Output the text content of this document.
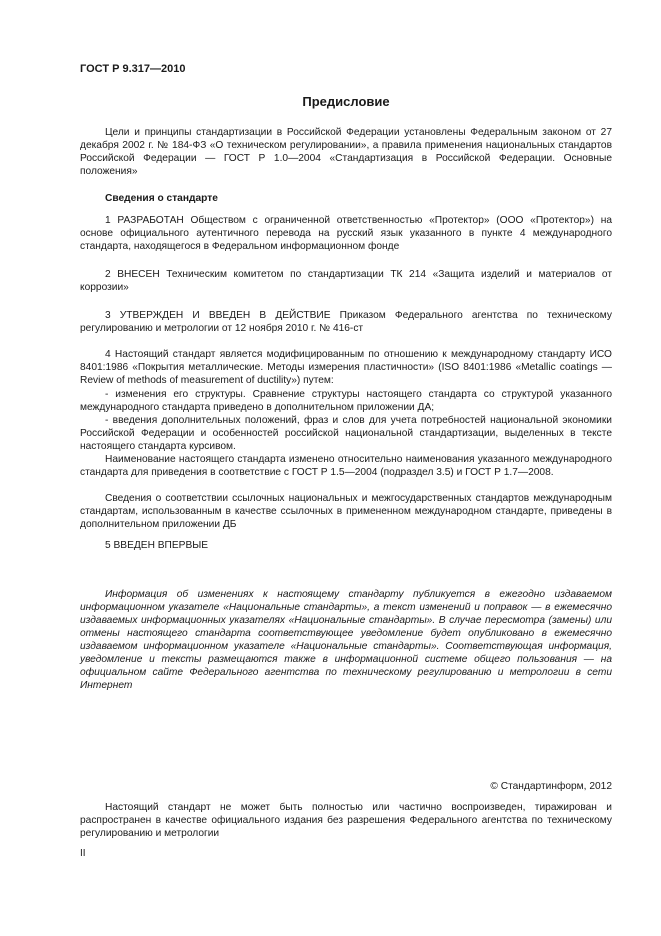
ГОСТ Р 9.317—2010
Предисловие
Цели и принципы стандартизации в Российской Федерации установлены Федеральным законом от 27 декабря 2002 г. № 184-ФЗ «О техническом регулировании», а правила применения национальных стандартов Российской Федерации — ГОСТ Р 1.0—2004 «Стандартизация в Российской Федерации. Основные положения»
Сведения о стандарте
1 РАЗРАБОТАН Обществом с ограниченной ответственностью «Протектор» (ООО «Протектор») на основе официального аутентичного перевода на русский язык указанного в пункте 4 международного стандарта, находящегося в Федеральном информационном фонде
2 ВНЕСЕН Техническим комитетом по стандартизации ТК 214 «Защита изделий и материалов от коррозии»
3 УТВЕРЖДЕН И ВВЕДЕН В ДЕЙСТВИЕ Приказом Федерального агентства по техническому регулированию и метрологии от 12 ноября 2010 г. № 416-ст
4 Настоящий стандарт является модифицированным по отношению к международному стандарту ИСО 8401:1986 «Покрытия металлические. Методы измерения пластичности» (ISO 8401:1986 «Metallic coatings — Review of methods of measurement of ductility») путем:
- изменения его структуры. Сравнение структуры настоящего стандарта со структурой указанного международного стандарта приведено в дополнительном приложении ДА;
- введения дополнительных положений, фраз и слов для учета потребностей национальной экономики Российской Федерации и особенностей российской национальной стандартизации, выделенных в тексте настоящего стандарта курсивом.
Наименование настоящего стандарта изменено относительно наименования указанного международного стандарта для приведения в соответствие с ГОСТ Р 1.5—2004 (подраздел 3.5) и ГОСТ Р 1.7—2008.
Сведения о соответствии ссылочных национальных и межгосударственных стандартов международным стандартам, использованным в качестве ссылочных в примененном международном стандарте, приведены в дополнительном приложении ДБ
5 ВВЕДЕН ВПЕРВЫЕ
Информация об изменениях к настоящему стандарту публикуется в ежегодно издаваемом информационном указателе «Национальные стандарты», а текст изменений и поправок — в ежемесячно издаваемых информационных указателях «Национальные стандарты». В случае пересмотра (замены) или отмены настоящего стандарта соответствующее уведомление будет опубликовано в ежемесячно издаваемом информационном указателе «Национальные стандарты». Соответствующая информация, уведомление и тексты размещаются также в информационной системе общего пользования — на официальном сайте Федерального агентства по техническому регулированию и метрологии в сети Интернет
© Стандартинформ, 2012
Настоящий стандарт не может быть полностью или частично воспроизведен, тиражирован и распространен в качестве официального издания без разрешения Федерального агентства по техническому регулированию и метрологии
II
